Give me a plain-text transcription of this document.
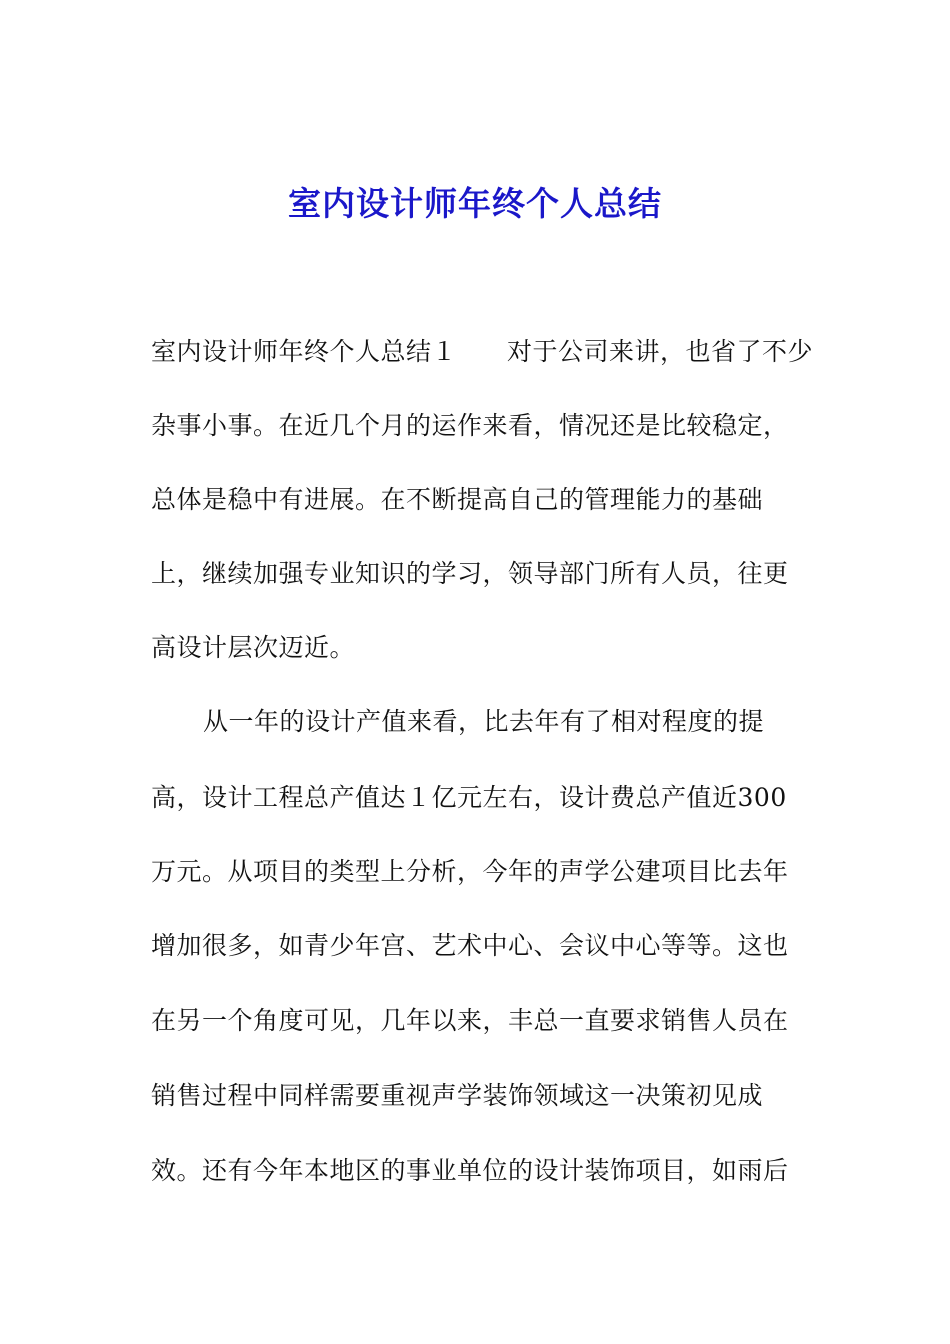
室内设计师年终个人总结
室内设计师年终个人总结１ 对于公司来讲，也省了不少
杂事小事。在近几个月的运作来看，情况还是比较稳定，
总体是稳中有进展。在不断提高自己的管理能力的基础
上，继续加强专业知识的学习，领导部门所有人员，往更
高设计层次迈近。
从一年的设计产值来看，比去年有了相对程度的提
高，设计工程总产值达１亿元左右，设计费总产值近300
万元。从项目的类型上分析，今年的声学公建项目比去年
增加很多，如青少年宫、艺术中心、会议中心等等。这也
在另一个角度可见，几年以来，丰总一直要求销售人员在
销售过程中同样需要重视声学装饰领域这一决策初见成
效。还有今年本地区的事业单位的设计装饰项目，如雨后
